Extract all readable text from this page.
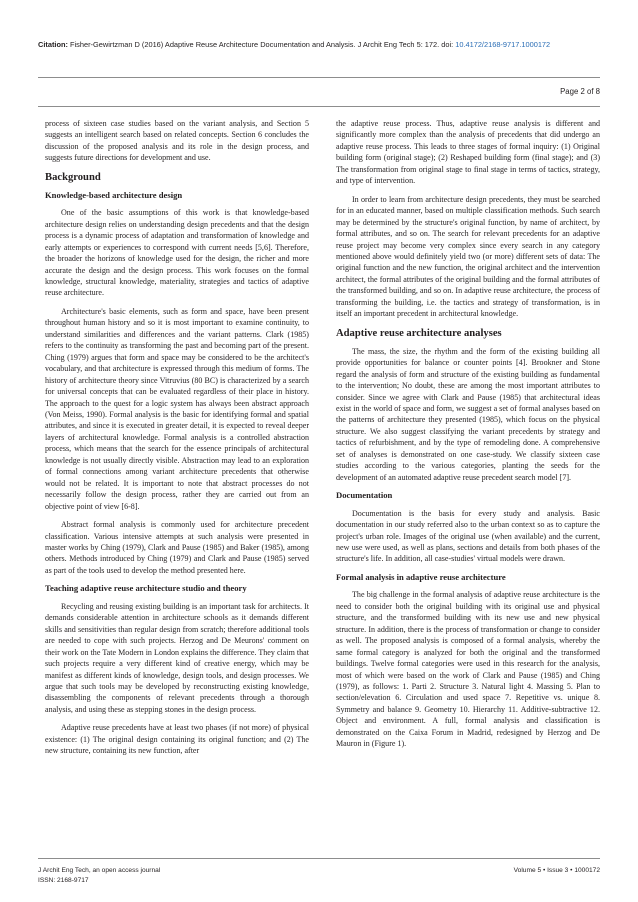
Citation: Fisher-Gewirtzman D (2016) Adaptive Reuse Architecture Documentation and Analysis. J Archit Eng Tech 5: 172. doi: 10.4172/2168-9717.1000172
Page 2 of 8

process of sixteen case studies based on the variant analysis, and Section 5 suggests an intelligent search based on related concepts. Section 6 concludes the discussion of the proposed analysis and its role in the design process, and suggests future directions for development and use.

Background
Knowledge-based architecture design

One of the basic assumptions of this work is that knowledge-based architecture design relies on understanding design precedents and that the design process is a dynamic process of adaptation and transformation of knowledge and early attempts or experiences to correspond with current needs [5,6]. Therefore, the broader the horizons of knowledge used for the design, the richer and more accurate the design and the design process. This work focuses on the formal knowledge, structural knowledge, materiality, strategies and tactics of adaptive reuse architecture.

Architecture's basic elements, such as form and space, have been present throughout human history and so it is most important to examine continuity, to understand similarities and differences and the variant patterns. Clark (1985) refers to the continuity as transforming the past and becoming part of the present. Ching (1979) argues that form and space may be considered to be the architect's vocabulary, and that architecture is expressed through this medium of forms. The history of architecture theory since Vitruvius (80 BC) is characterized by a search for universal concepts that can be evaluated regardless of their place in history. The approach to the quest for a logic system has always been abstract approach (Von Meiss, 1990). Formal analysis is the basic for identifying formal and spatial attributes, and since it is executed in greater detail, it is expected to reveal deeper layers of architectural knowledge. Formal analysis is a controlled abstraction process, which means that the search for the essence principals of architectural knowledge is not usually directly visible. Abstraction may lead to an exploration of formal connections among variant architecture precedents that otherwise would not be related. It is important to note that abstract processes do not necessarily follow the design process, rather they are carried out from an objective point of view [6-8].

Abstract formal analysis is commonly used for architecture precedent classification. Various intensive attempts at such analysis were presented in master works by Ching (1979), Clark and Pause (1985) and Baker (1985), among others. Methods introduced by Ching (1979) and Clark and Pause (1985) served as part of the tools used to develop the method presented here.

Teaching adaptive reuse architecture studio and theory

Recycling and reusing existing building is an important task for architects. It demands considerable attention in architecture schools as it demands different skills and sensitivities than regular design from scratch; therefore additional tools are needed to cope with such projects. Herzog and De Meurons' comment on their work on the Tate Modern in London explains the difference. They claim that such projects require a very different kind of creative energy, which may be manifest as different kinds of knowledge, design tools, and design processes. We argue that such tools may be developed by reconstructing existing knowledge, disassembling the components of relevant precedents through a thorough analysis, and using these as stepping stones in the design process.

Adaptive reuse precedents have at least two phases (if not more) of physical existence: (1) The original design containing its original function; and (2) The new structure, containing its new function, after

the adaptive reuse process. Thus, adaptive reuse analysis is different and significantly more complex than the analysis of precedents that did undergo an adaptive reuse process. This leads to three stages of formal inquiry: (1) Original building form (original stage); (2) Reshaped building form (final stage); and (3) The transformation from original stage to final stage in terms of tactics, strategy, and type of intervention.

In order to learn from architecture design precedents, they must be searched for in an educated manner, based on multiple classification methods. Such search may be determined by the structure's original function, by name of architect, by formal attributes, and so on. The search for relevant precedents for an adaptive reuse project may become very complex since every search in any category mentioned above would definitely yield two (or more) different sets of data: The original function and the new function, the original architect and the intervention architect, the formal attributes of the original building and the formal attributes of the transformed building, and so on. In adaptive reuse architecture, the process of transforming the building, i.e. the tactics and strategy of transformation, is in itself an important precedent in architectural knowledge.

Adaptive reuse architecture analyses

The mass, the size, the rhythm and the form of the existing building all provide opportunities for balance or counter points [4]. Brookner and Stone regard the analysis of form and structure of the existing building as fundamental to the intervention; No doubt, these are among the most important attributes to consider. Since we agree with Clark and Pause (1985) that architectural ideas exist in the world of space and form, we suggest a set of formal analyses based on the patterns of architecture they presented (1985), which focus on the physical structure. We also suggest classifying the variant precedents by strategy and tactics of refurbishment, and by the type of remodeling done. A comprehensive set of analyses is demonstrated on one case-study. We classify sixteen case studies according to the various categories, planting the seeds for the development of an automated adaptive reuse precedent search model [7].

Documentation

Documentation is the basis for every study and analysis. Basic documentation in our study referred also to the urban context so as to capture the project's urban role. Images of the original use (when available) and the current, new use were used, as well as plans, sections and details from both phases of the structure's life. In addition, all case-studies' virtual models were drawn.

Formal analysis in adaptive reuse architecture

The big challenge in the formal analysis of adaptive reuse architecture is the need to consider both the original building with its original use and physical structure, and the transformed building with its new use and new physical structure. In addition, there is the process of transformation or change to consider as well. The proposed analysis is composed of a formal analysis, whereby the same formal category is analyzed for both the original and the transformed buildings. Twelve formal categories were used in this research for the analysis, most of which were based on the work of Clark and Pause (1985) and Ching (1979), as follows: 1. Parti 2. Structure 3. Natural light 4. Massing 5. Plan to section/elevation 6. Circulation and used space 7. Repetitive vs. unique 8. Symmetry and balance 9. Geometry 10. Hierarchy 11. Additive-subtractive 12. Object and environment. A full, formal analysis and classification is demonstrated on the Caixa Forum in Madrid, redesigned by Herzog and De Mauron in (Figure 1).

J Archit Eng Tech, an open access journal
ISSN: 2168-9717
Volume 5 • Issue 3 • 1000172
